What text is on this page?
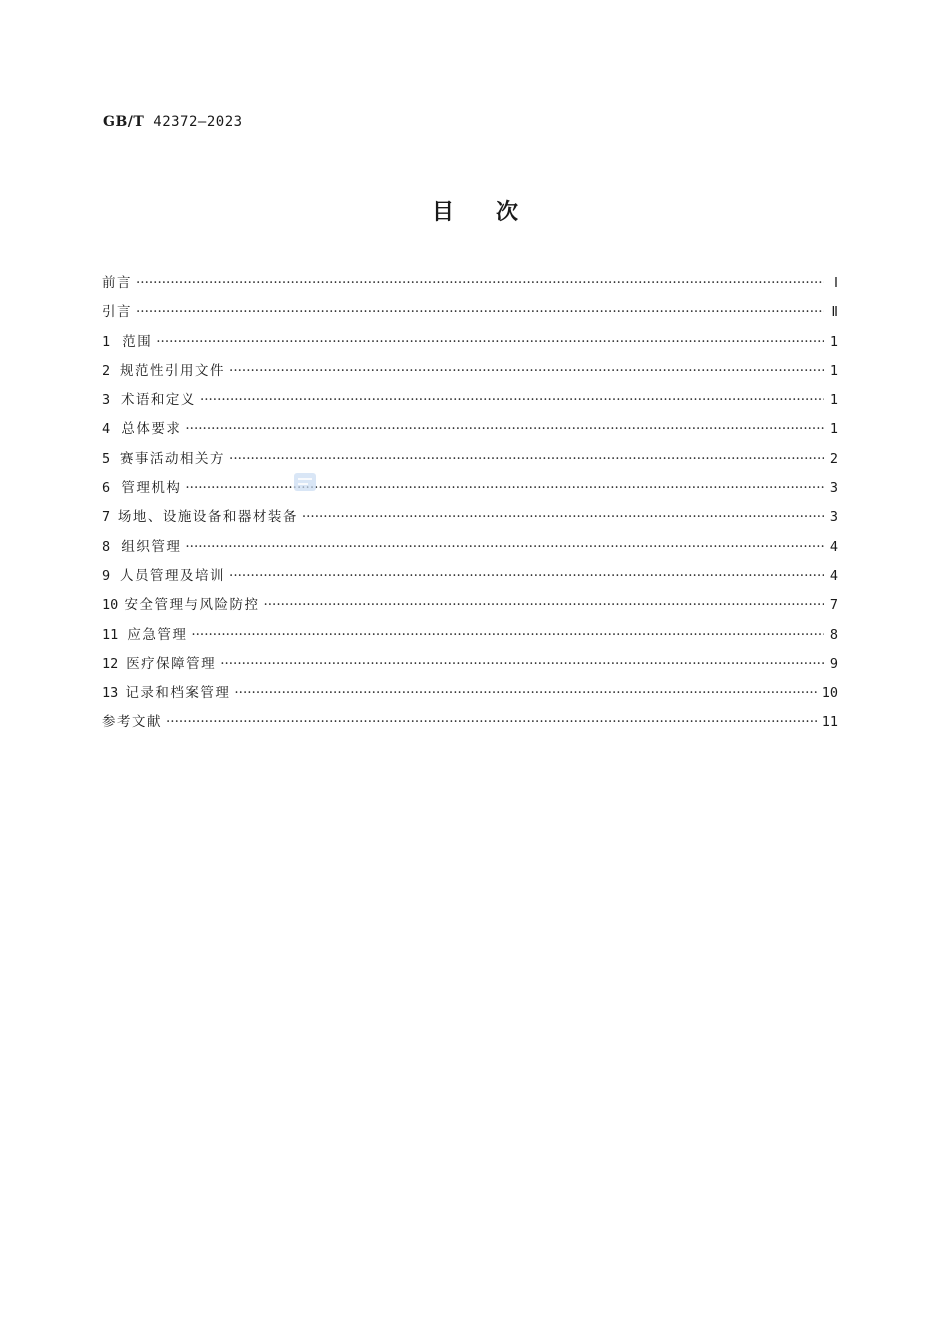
GB/T 42372—2023
目次
前言 ·····	Ⅰ
引言 ·····	Ⅱ
1 范围 ·····	1
2 规范性引用文件 ·····	1
3 术语和定义 ·····	1
4 总体要求 ·····	1
5 赛事活动相关方 ·····	2
6 管理机构 ·····	3
7 场地、设施设备和器材装备 ·····	3
8 组织管理 ·····	4
9 人员管理及培训 ·····	4
10 安全管理与风险防控 ·····	7
11 应急管理 ·····	8
12 医疗保障管理 ·····	9
13 记录和档案管理 ·····	10
参考文献 ·····	11
